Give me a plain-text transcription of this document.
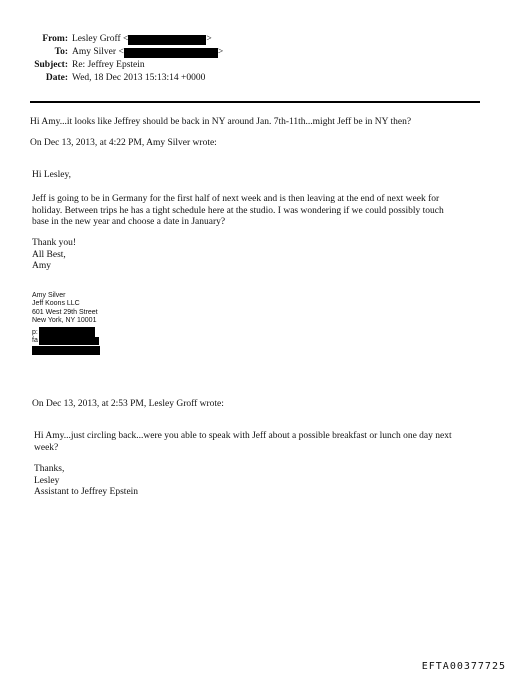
From: Lesley Groff <	>
To: Amy Silver <	>
Subject: Re: Jeffrey Epstein
Date: Wed, 18 Dec 2013 15:13:14 +0000

Hi Amy...it looks like Jeffrey should be back in NY around Jan. 7th-11th...might Jeff be in NY then?

On Dec 13, 2013, at 4:22 PM, Amy Silver wrote:

Hi Lesley,

Jeff is going to be in Germany for the first half of next week and is then leaving at the end of next week for
holiday. Between trips he has a tight schedule here at the studio. I was wondering if we could possibly touch
base in the new year and choose a date in January?
Thank you!
All Best,
Amy
Amy Silver
Jeff Koons LLC
601 West 29th Street
New York, NY 10001
p:
fa

On Dec 13, 2013, at 2:53 PM, Lesley Groff wrote:

Hi Amy...just circling back...were you able to speak with Jeff about a possible breakfast or lunch one day next
week?
Thanks,
Lesley
Assistant to Jeffrey Epstein
EFTA00377725
